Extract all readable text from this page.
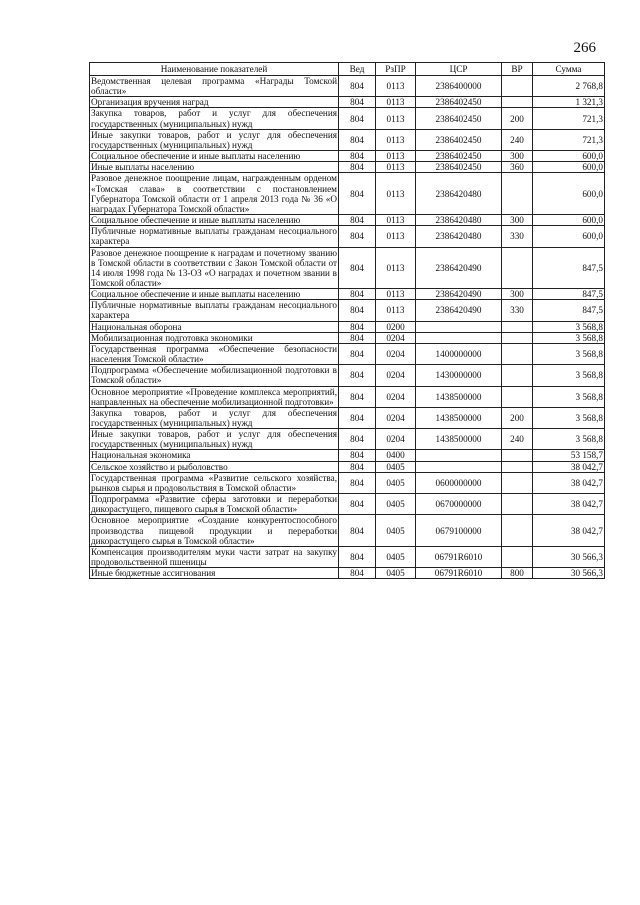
266
Наименование показателей	Вед	РзПР	ЦСР	ВР	Сумма
Ведомственная целевая программа «Награды Томской области»	804	0113	2386400000		2 768,8
Организация вручения наград	804	0113	2386402450		1 321,3
Закупка товаров, работ и услуг для обеспечения государственных (муниципальных) нужд	804	0113	2386402450	200	721,3
Иные закупки товаров, работ и услуг для обеспечения государственных (муниципальных) нужд	804	0113	2386402450	240	721,3
Социальное обеспечение и иные выплаты населению	804	0113	2386402450	300	600,0
Иные выплаты населению	804	0113	2386402450	360	600,0
Разовое денежное поощрение лицам, награжденным орденом «Томская слава» в соответствии с постановлением Губернатора Томской области от 1 апреля 2013 года № 36 «О наградах Губернатора Томской области»	804	0113	2386420480		600,0
Социальное обеспечение и иные выплаты населению	804	0113	2386420480	300	600,0
Публичные нормативные выплаты гражданам несоциального характера	804	0113	2386420480	330	600,0
Разовое денежное поощрение к наградам и почетному званию в Томской области в соответствии с Закон Томской области от 14 июля 1998 года № 13-ОЗ «О наградах и почетном звании в Томской области»	804	0113	2386420490		847,5
Социальное обеспечение и иные выплаты населению	804	0113	2386420490	300	847,5
Публичные нормативные выплаты гражданам несоциального характера	804	0113	2386420490	330	847,5
Национальная оборона	804	0200			3 568,8
Мобилизационная подготовка экономики	804	0204			3 568,8
Государственная программа «Обеспечение безопасности населения Томской области»	804	0204	1400000000		3 568,8
Подпрограмма «Обеспечение мобилизационной подготовки в Томской области»	804	0204	1430000000		3 568,8
Основное мероприятие «Проведение комплекса мероприятий, направленных на обеспечение мобилизационной подготовки»	804	0204	1438500000		3 568,8
Закупка товаров, работ и услуг для обеспечения государственных (муниципальных) нужд	804	0204	1438500000	200	3 568,8
Иные закупки товаров, работ и услуг для обеспечения государственных (муниципальных) нужд	804	0204	1438500000	240	3 568,8
Национальная экономика	804	0400			53 158,7
Сельское хозяйство и рыболовство	804	0405			38 042,7
Государственная программа «Развитие сельского хозяйства, рынков сырья и продовольствия в Томской области»	804	0405	0600000000		38 042,7
Подпрограмма «Развитие сферы заготовки и переработки дикорастущего, пищевого сырья в Томской области»	804	0405	0670000000		38 042,7
Основное мероприятие «Создание конкурентоспособного производства пищевой продукции и переработки дикорастущего сырья в Томской области»	804	0405	0679100000		38 042,7
Компенсация производителям муки части затрат на закупку продовольственной пшеницы	804	0405	06791R6010		30 566,3
Иные бюджетные ассигнования	804	0405	06791R6010	800	30 566,3
